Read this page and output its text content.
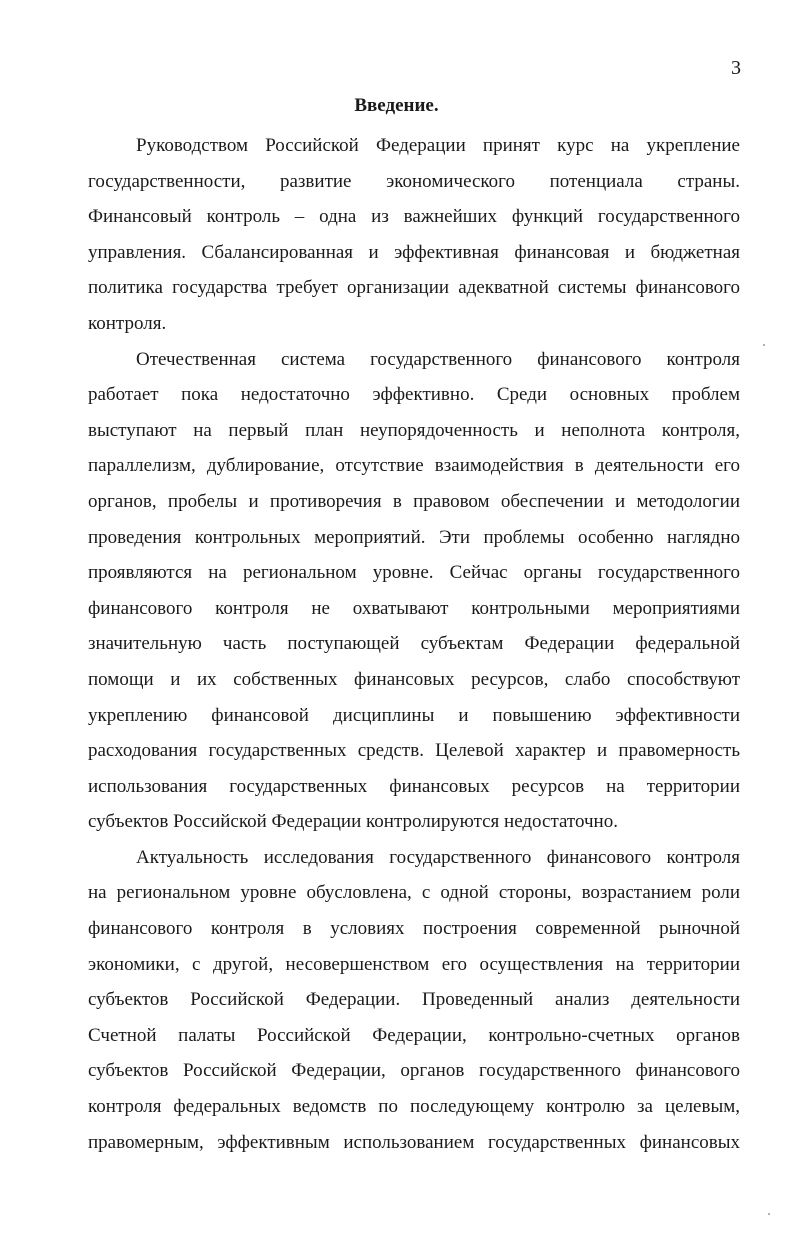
3
Введение.
Руководством Российской Федерации принят курс на укрепление
государственности, развитие экономического потенциала страны.
Финансовый контроль – одна из важнейших функций государственного
управления. Сбалансированная и эффективная финансовая и бюджетная
политика государства требует организации адекватной системы финансового
контроля.
Отечественная система государственного финансового контроля
работает пока недостаточно эффективно. Среди основных проблем
выступают на первый план неупорядоченность и неполнота контроля,
параллелизм, дублирование, отсутствие взаимодействия в деятельности его
органов, пробелы и противоречия в правовом обеспечении и методологии
проведения контрольных мероприятий. Эти проблемы особенно наглядно
проявляются на региональном уровне. Сейчас органы государственного
финансового контроля не охватывают контрольными мероприятиями
значительную часть поступающей субъектам Федерации федеральной
помощи и их собственных финансовых ресурсов, слабо способствуют
укреплению финансовой дисциплины и повышению эффективности
расходования государственных средств. Целевой характер и правомерность
использования государственных финансовых ресурсов на территории
субъектов Российской Федерации контролируются недостаточно.
Актуальность исследования государственного финансового контроля
на региональном уровне обусловлена, с одной стороны, возрастанием роли
финансового контроля в условиях построения современной рыночной
экономики, с другой, несовершенством его осуществления на территории
субъектов Российской Федерации. Проведенный анализ деятельности
Счетной палаты Российской Федерации, контрольно-счетных органов
субъектов Российской Федерации, органов государственного финансового
контроля федеральных ведомств по последующему контролю за целевым,
правомерным, эффективным использованием государственных финансовых
